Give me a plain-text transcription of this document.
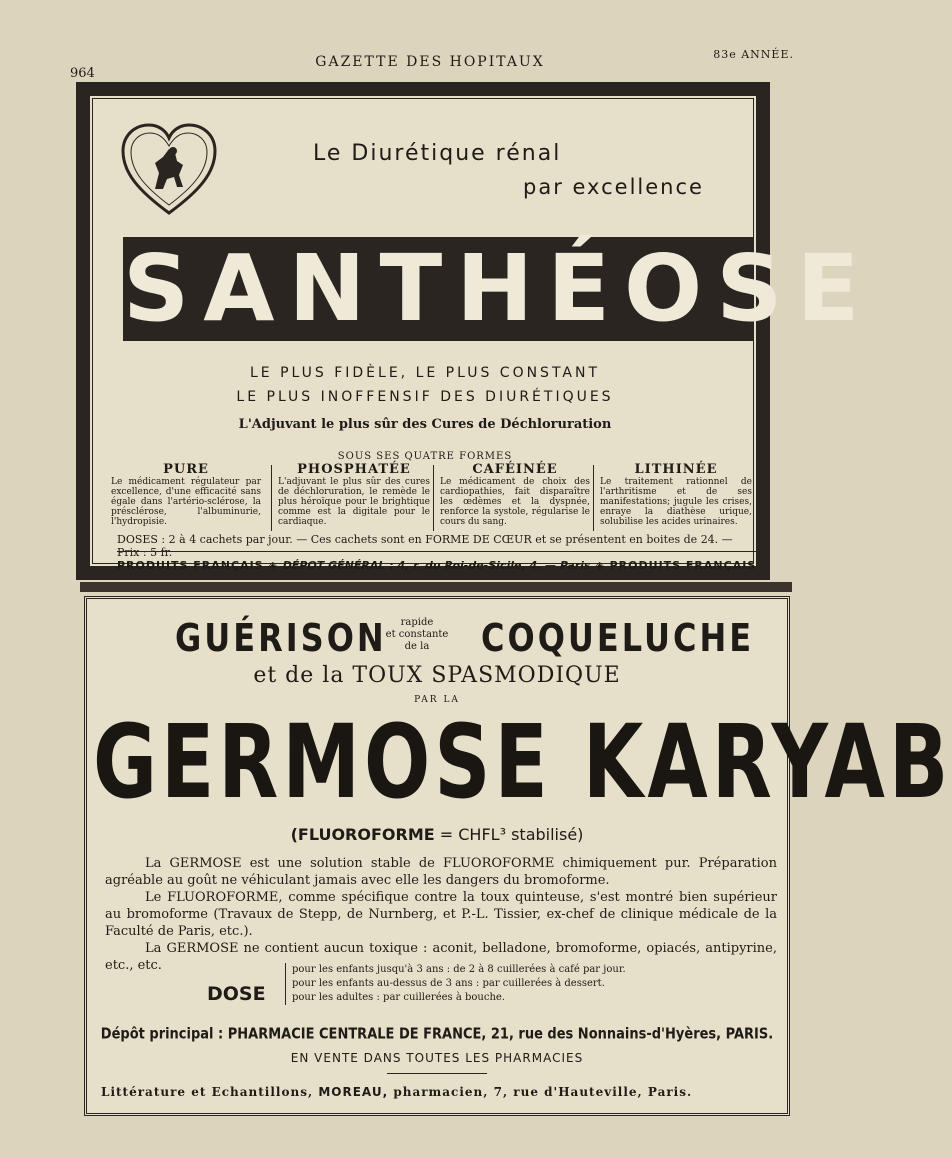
964
GAZETTE DES HOPITAUX	83e ANNÉE.
Le Diurétique rénal
par excellence
SANTHÉOSE
LE PLUS FIDÈLE, LE PLUS CONSTANT
LE PLUS INOFFENSIF DES DIURÉTIQUES
L'Adjuvant le plus sûr des Cures de Déchloruration
SOUS SES QUATRE FORMES
PURE
Le médicament régulateur par excellence, d'une efficacité sans égale dans l'artério-sclérose, la présclérose, l'albuminurie, l'hydropisie.
PHOSPHATÉE
L'adjuvant le plus sûr des cures de déchloruration, le remède le plus héroïque pour le brightique comme est la digitale pour le cardiaque.
CAFÉINÉE
Le médicament de choix des cardiopathies, fait disparaître les œdèmes et la dyspnée, renforce la systole, régularise le cours du sang.
LITHINÉE
Le traitement rationnel de l'arthritisme et de ses manifestations; jugule les crises, enraye la diathèse urique, solubilise les acides urinaires.
DOSES : 2 à 4 cachets par jour. — Ces cachets sont en FORME DE CŒUR et se présentent en boites de 24. — Prix : 5 fr.
PRODUITS FRANÇAIS ◈ DÉPOT GÉNÉRAL : 4, r. du Roi-de-Sicile, 4. — Paris ◈ PRODUITS FRANÇAIS
GUÉRISON	rapide
et constante
de la	COQUELUCHE
et de la TOUX SPASMODIQUE
PAR LA
GERMOSE KARYAB
(FLUOROFORME = CHFL³ stabilisé)

La GERMOSE est une solution stable de FLUOROFORME chimiquement pur. Préparation agréable au goût ne véhiculant jamais avec elle les dangers du bromoforme.

Le FLUOROFORME, comme spécifique contre la toux quinteuse, s'est montré bien supérieur au bromoforme (Travaux de Stepp, de Nurnberg, et P.-L. Tissier, ex-chef de clinique médicale de la Faculté de Paris, etc.).

La GERMOSE ne contient aucun toxique : aconit, belladone, bromoforme, opiacés, antipyrine, etc., etc.

DOSE
pour les enfants jusqu'à 3 ans : de 2 à 8 cuillerées à café par jour.
pour les enfants au-dessus de 3 ans : par cuillerées à dessert.
pour les adultes : par cuillerées à bouche.
Dépôt principal : PHARMACIE CENTRALE DE FRANCE, 21, rue des Nonnains-d'Hyères, PARIS.
EN VENTE DANS TOUTES LES PHARMACIES
Littérature et Echantillons, MOREAU, pharmacien, 7, rue d'Hauteville, Paris.
